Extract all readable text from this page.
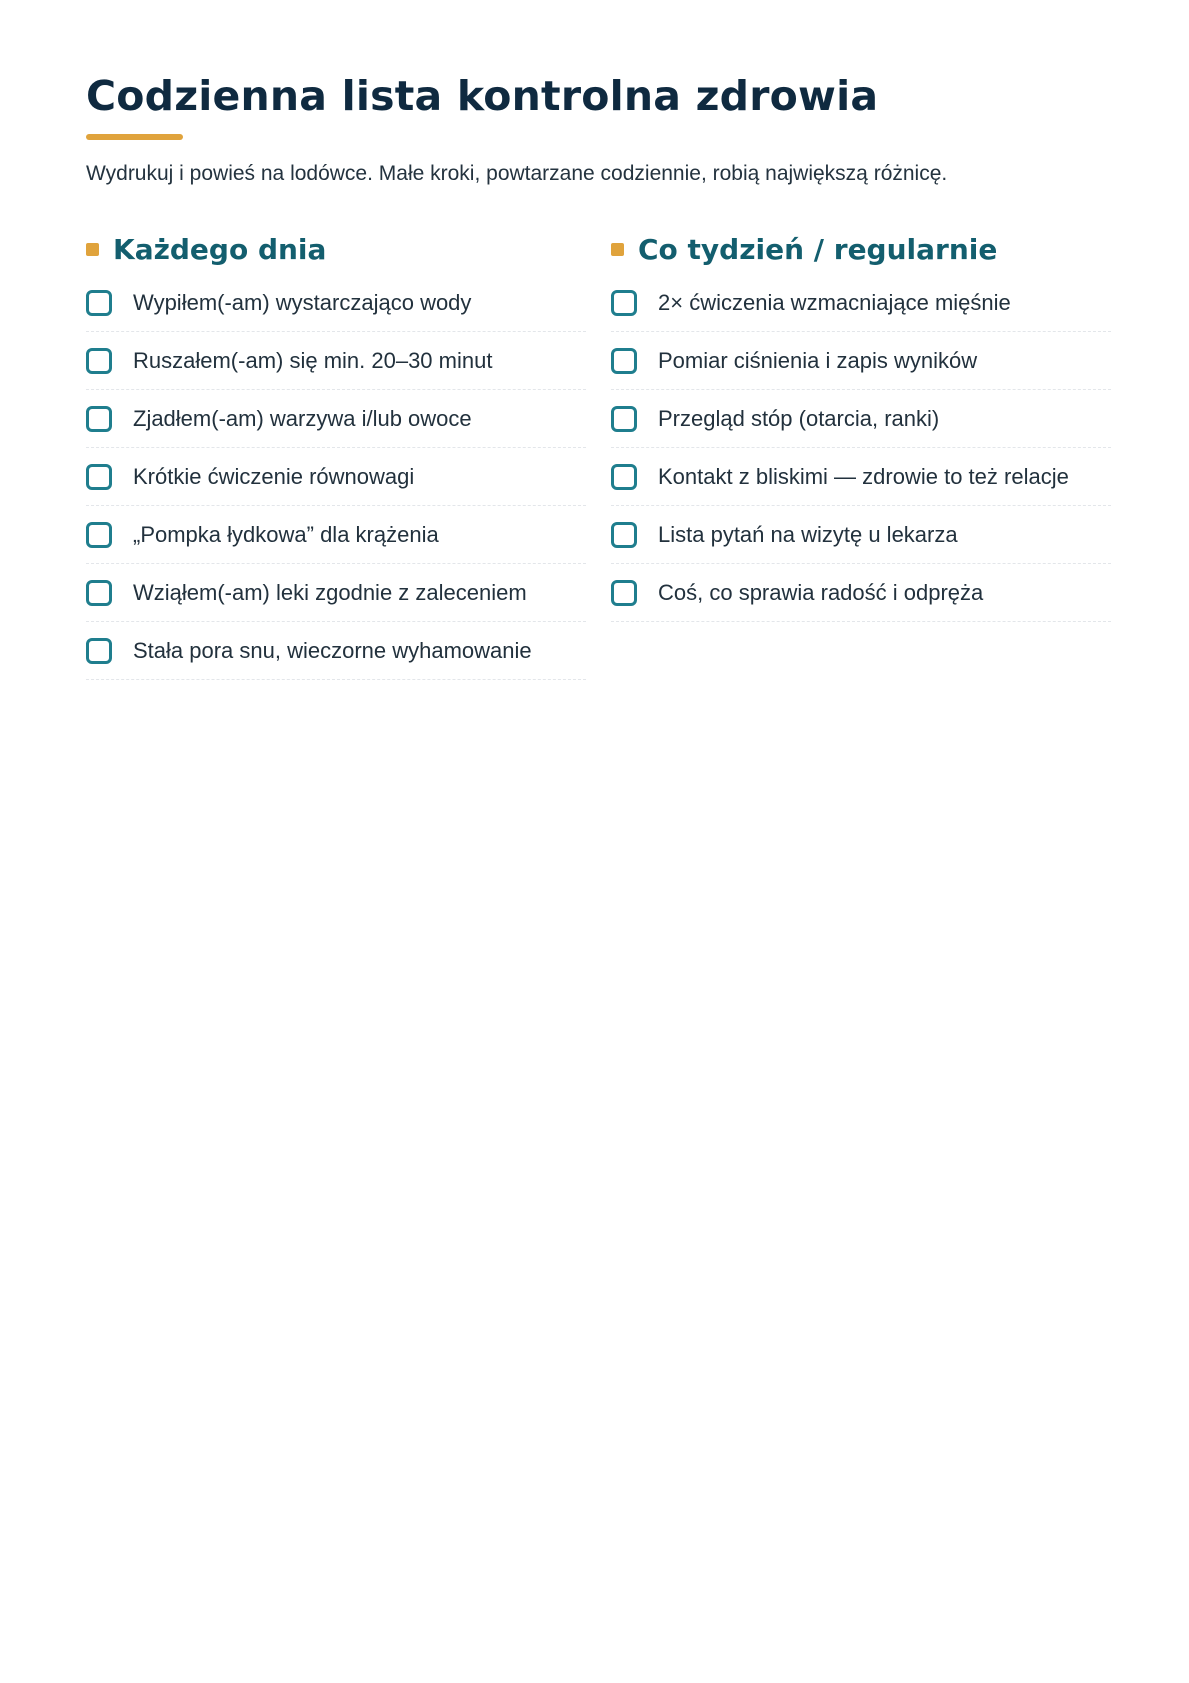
Codzienna lista kontrolna zdrowia

Wydrukuj i powieś na lodówce. Małe kroki, powtarzane codziennie, robią największą różnicę.

Każdego dnia
Wypiłem(-am) wystarczająco wody
Ruszałem(-am) się min. 20–30 minut
Zjadłem(-am) warzywa i/lub owoce
Krótkie ćwiczenie równowagi
„Pompka łydkowa” dla krążenia
Wziąłem(-am) leki zgodnie z zaleceniem
Stała pora snu, wieczorne wyhamowanie
Co tydzień / regularnie
2× ćwiczenia wzmacniające mięśnie
Pomiar ciśnienia i zapis wyników
Przegląd stóp (otarcia, ranki)
Kontakt z bliskimi — zdrowie to też relacje
Lista pytań na wizytę u lekarza
Coś, co sprawia radość i odpręża
